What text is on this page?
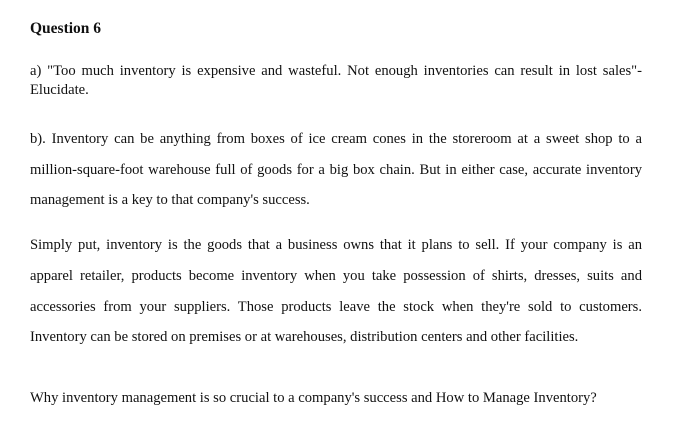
Question 6

a) "Too much inventory is expensive and wasteful. Not enough inventories can result in lost sales"- Elucidate.

b). Inventory can be anything from boxes of ice cream cones in the storeroom at a sweet shop to a million-square-foot warehouse full of goods for a big box chain. But in either case, accurate inventory management is a key to that company's success.

Simply put, inventory is the goods that a business owns that it plans to sell. If your company is an apparel retailer, products become inventory when you take possession of shirts, dresses, suits and accessories from your suppliers. Those products leave the stock when they're sold to customers. Inventory can be stored on premises or at warehouses, distribution centers and other facilities.

Why inventory management is so crucial to a company's success and How to Manage Inventory?
